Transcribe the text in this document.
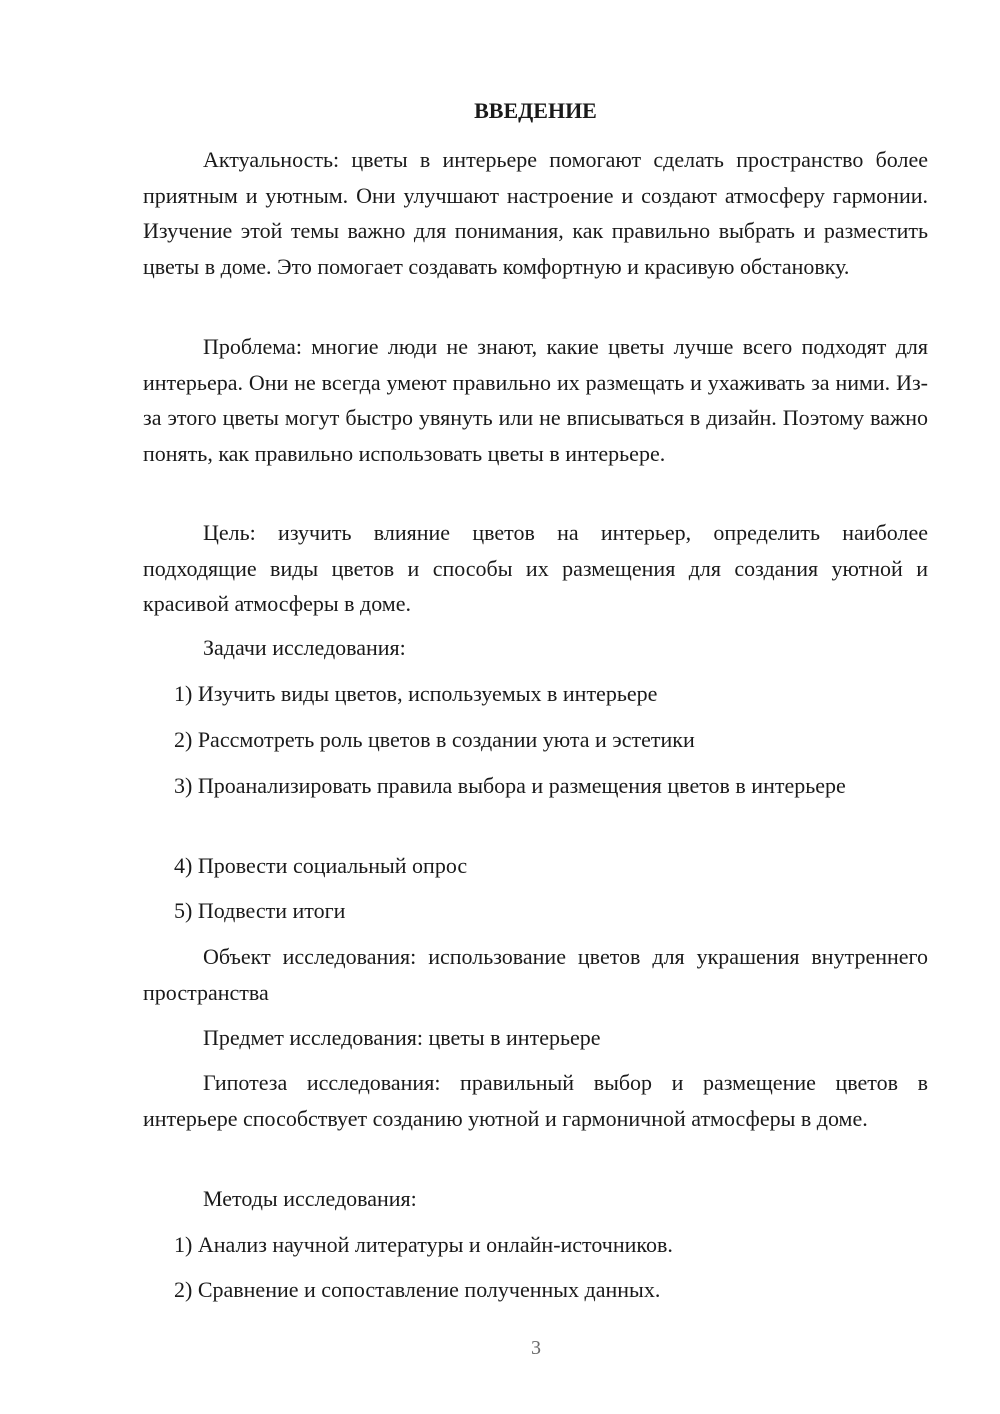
ВВЕДЕНИЕ

Актуальность: цветы в интерьере помогают сделать пространство более приятным и уютным. Они улучшают настроение и создают атмосферу гармонии. Изучение этой темы важно для понимания, как правильно выбрать и разместить цветы в доме. Это помогает создавать комфортную и красивую обстановку.

Проблема: многие люди не знают, какие цветы лучше всего подходят для интерьера. Они не всегда умеют правильно их размещать и ухаживать за ними. Из-за этого цветы могут быстро увянуть или не вписываться в дизайн. Поэтому важно понять, как правильно использовать цветы в интерьере.

Цель: изучить влияние цветов на интерьер, определить наиболее подходящие виды цветов и способы их размещения для создания уютной и красивой атмосферы в доме.

Задачи исследования:

1) Изучить виды цветов, используемых в интерьере

2) Рассмотреть роль цветов в создании уюта и эстетики

3) Проанализировать правила выбора и размещения цветов в интерьере

4) Провести социальный опрос

5) Подвести итоги

Объект исследования: использование цветов для украшения внутреннего пространства

Предмет исследования: цветы в интерьере

Гипотеза исследования: правильный выбор и размещение цветов в интерьере способствует созданию уютной и гармоничной атмосферы в доме.

Методы исследования:

1) Анализ научной литературы и онлайн-источников.

2) Сравнение и сопоставление полученных данных.

3
